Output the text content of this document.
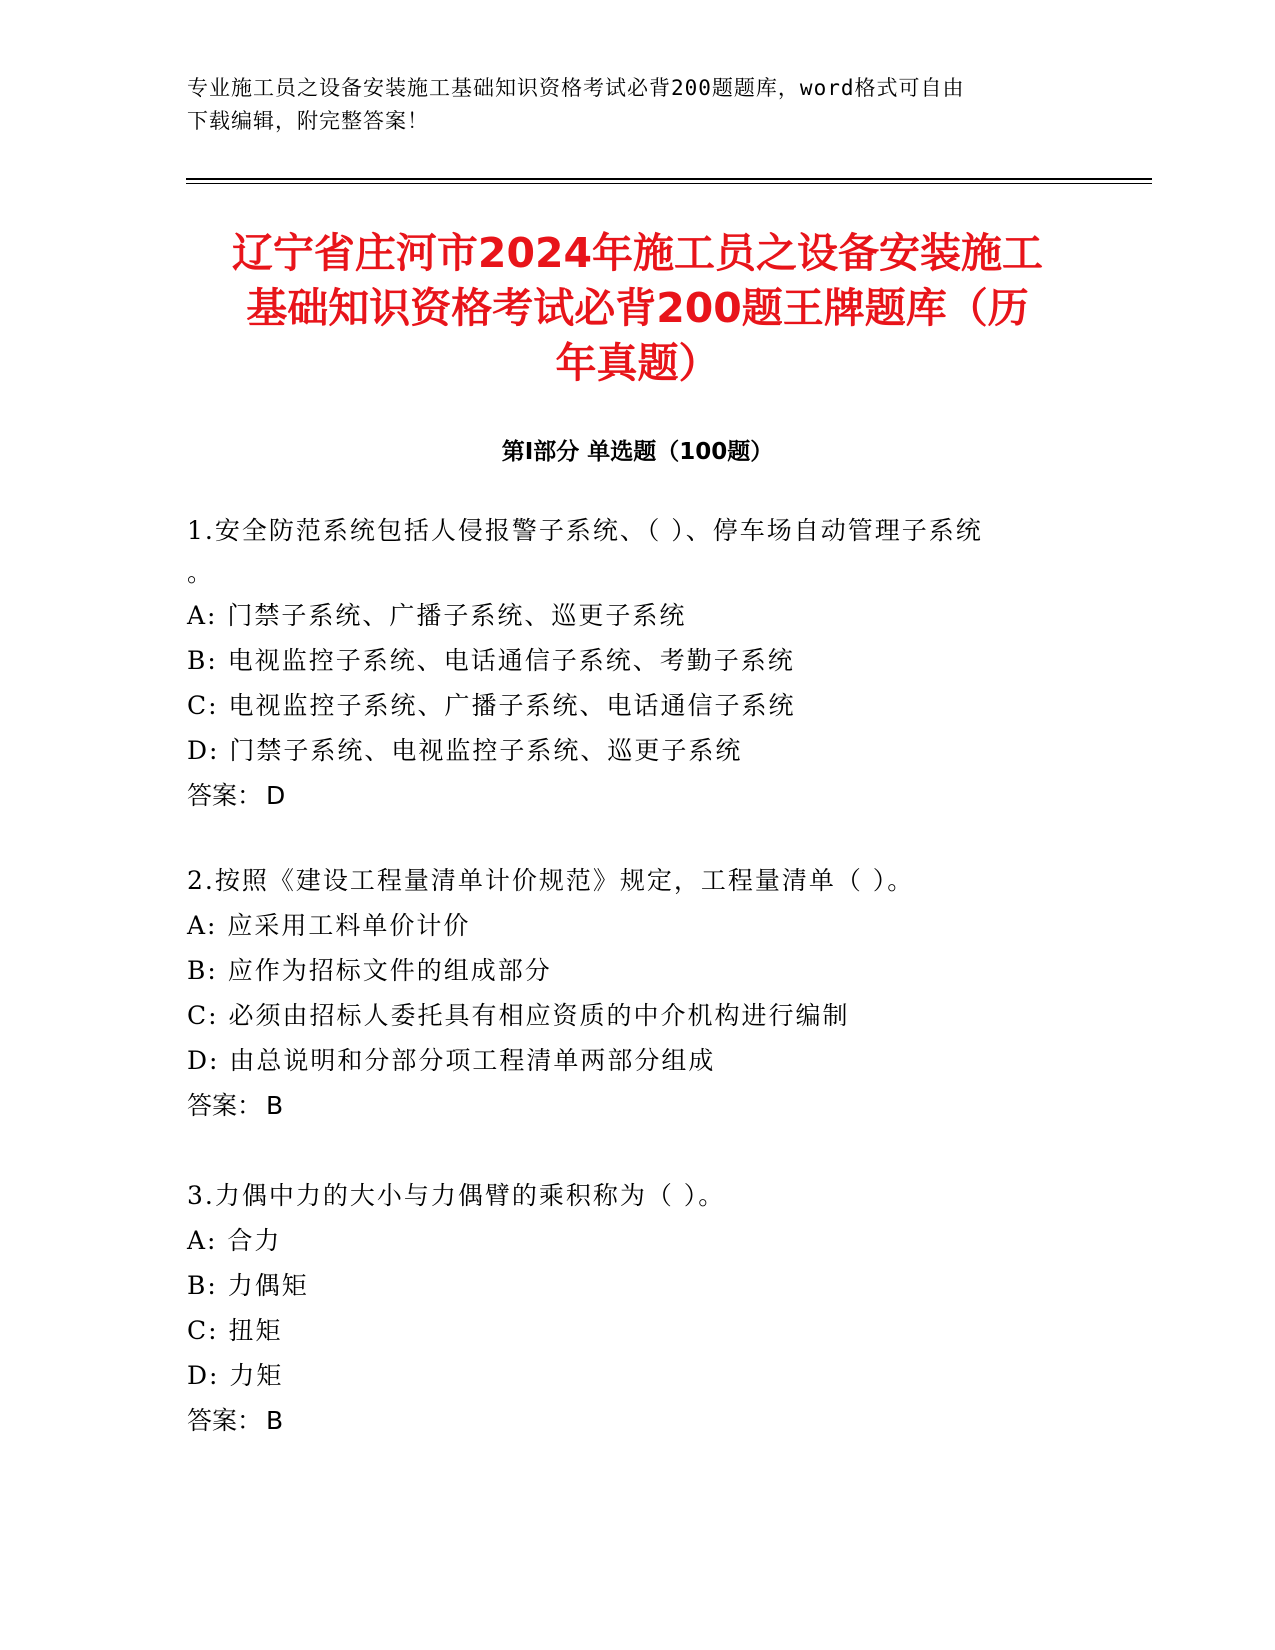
专业施工员之设备安装施工基础知识资格考试必背200题题库，word格式可自由
下载编辑，附完整答案！
辽宁省庄河市2024年施工员之设备安装施工
基础知识资格考试必背200题王牌题库（历
年真题）
第I部分 单选题（100题）

1.安全防范系统包括人侵报警子系统、（ ）、停车场自动管理子系统

。

A: 门禁子系统、广播子系统、巡更子系统

B: 电视监控子系统、电话通信子系统、考勤子系统

C: 电视监控子系统、广播子系统、电话通信子系统

D: 门禁子系统、电视监控子系统、巡更子系统

答案： D

2.按照《建设工程量清单计价规范》规定，工程量清单（ ）。

A: 应采用工料单价计价

B: 应作为招标文件的组成部分

C: 必须由招标人委托具有相应资质的中介机构进行编制

D: 由总说明和分部分项工程清单两部分组成

答案： B

3.力偶中力的大小与力偶臂的乘积称为（ ）。

A: 合力

B: 力偶矩

C: 扭矩

D: 力矩

答案： B
